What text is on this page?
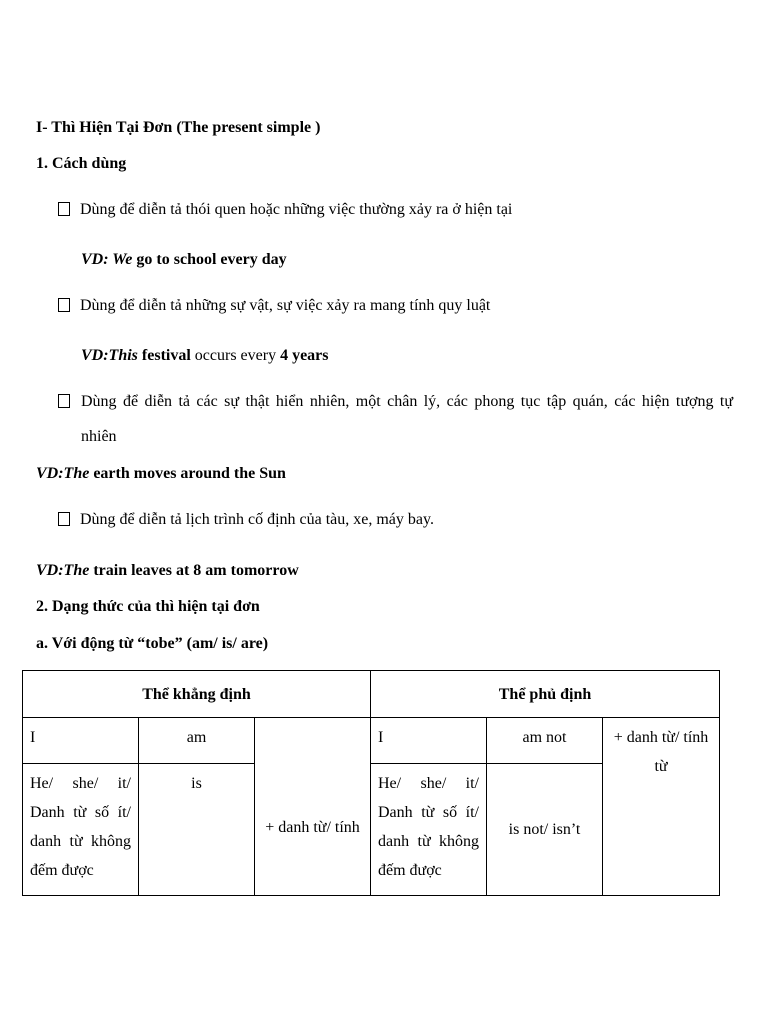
I- Thì Hiện Tại Đơn (The present simple )
1. Cách dùng
Dùng để diễn tả thói quen hoặc những việc thường xảy ra ở hiện tại
VD: We go to school every day
Dùng để diễn tả những sự vật, sự việc xảy ra mang tính quy luật
VD:This festival occurs every 4 years
Dùng để diễn tả các sự thật hiển nhiên, một chân lý, các phong tục tập quán, các hiện tượng tự
nhiên
VD:The earth moves around the Sun
Dùng để diễn tả lịch trình cố định của tàu, xe, máy bay.
VD:The train leaves at 8 am tomorrow
2. Dạng thức của thì hiện tại đơn
a. Với động từ “tobe” (am/ is/ are)
Thể khẳng định			Thể phủ định		
I	am	+ danh từ/ tính	I	am not	+ danh từ/ tính từ
He/ she/ it/ Danh từ số ít/ danh từ không đếm được	is		He/ she/ it/ Danh từ số ít/ danh từ không đếm được	is not/ isn’t	
